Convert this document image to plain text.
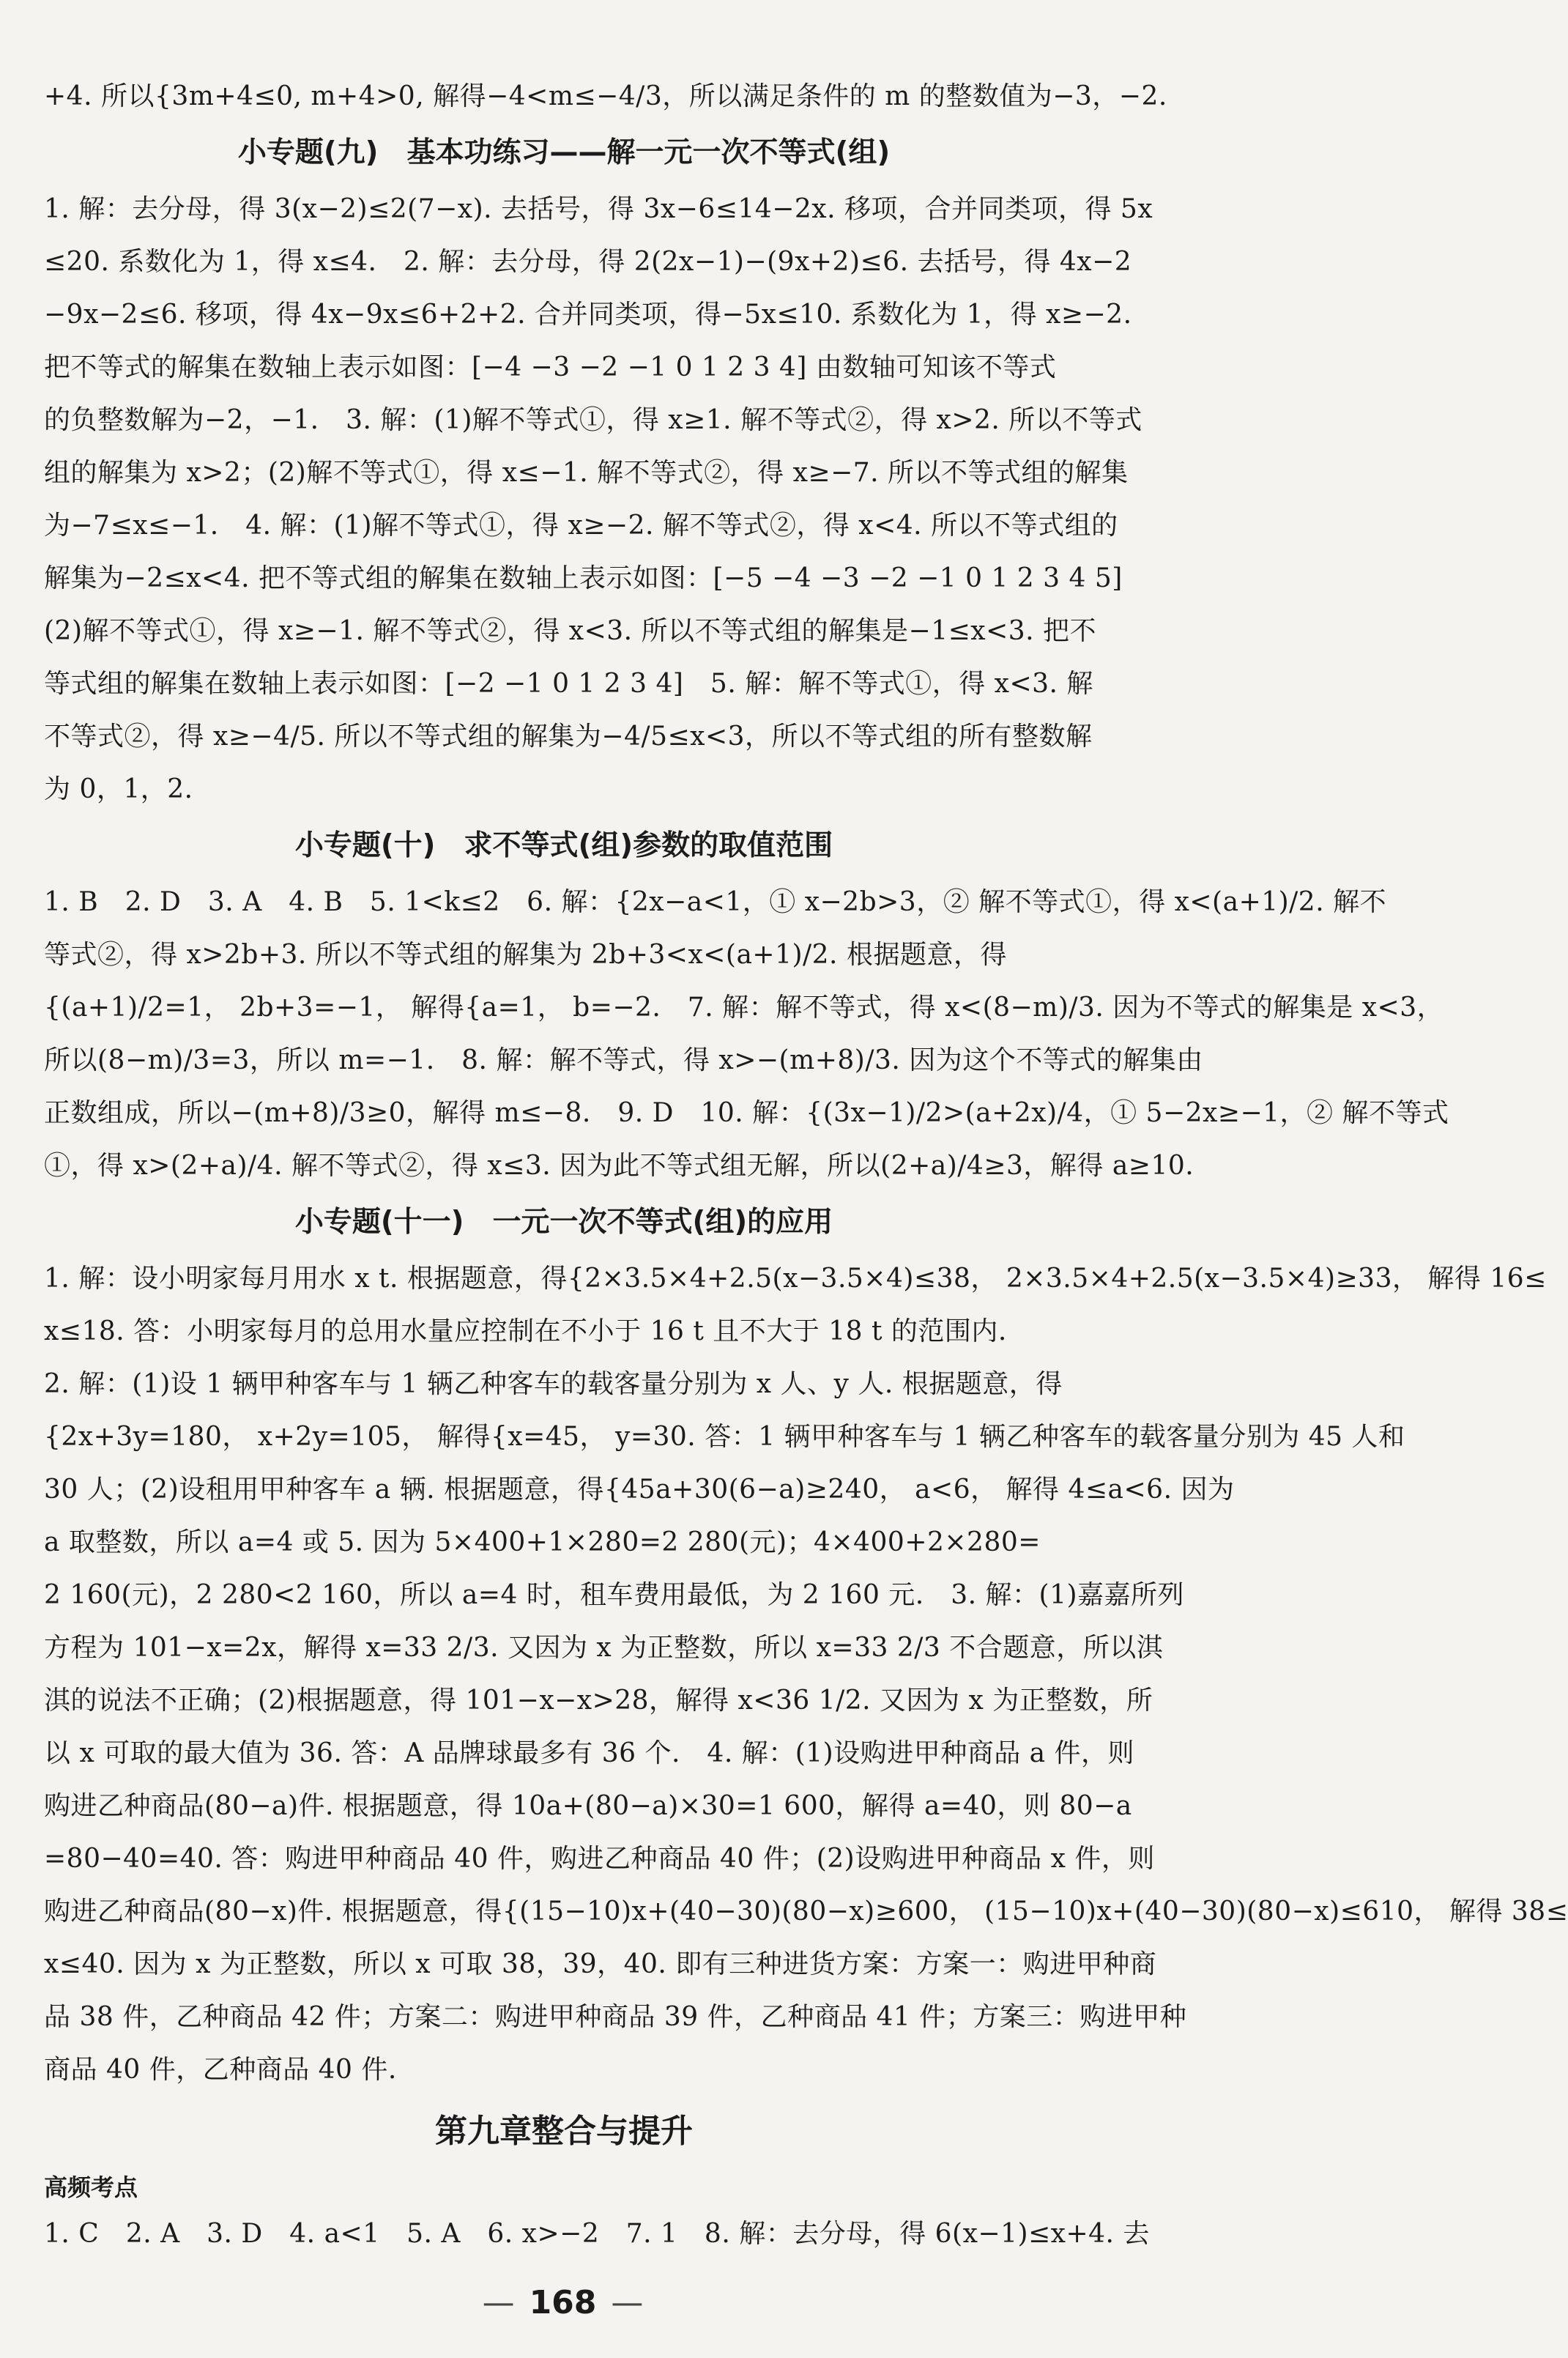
+4. 所以{3m+4≤0, m+4>0, 解得−4<m≤−4/3，所以满足条件的 m 的整数值为−3，−2.
小专题(九)　基本功练习——解一元一次不等式(组)
1. 解：去分母，得 3(x−2)≤2(7−x). 去括号，得 3x−6≤14−2x. 移项，合并同类项，得 5x
≤20. 系数化为 1，得 x≤4.　2. 解：去分母，得 2(2x−1)−(9x+2)≤6. 去括号，得 4x−2
−9x−2≤6. 移项，得 4x−9x≤6+2+2. 合并同类项，得−5x≤10. 系数化为 1，得 x≥−2.
把不等式的解集在数轴上表示如图：[−4 −3 −2 −1 0 1 2 3 4] 由数轴可知该不等式
的负整数解为−2，−1.　3. 解：(1)解不等式①，得 x≥1. 解不等式②，得 x>2. 所以不等式
组的解集为 x>2；(2)解不等式①，得 x≤−1. 解不等式②，得 x≥−7. 所以不等式组的解集
为−7≤x≤−1.　4. 解：(1)解不等式①，得 x≥−2. 解不等式②，得 x<4. 所以不等式组的
解集为−2≤x<4. 把不等式组的解集在数轴上表示如图：[−5 −4 −3 −2 −1 0 1 2 3 4 5]
(2)解不等式①，得 x≥−1. 解不等式②，得 x<3. 所以不等式组的解集是−1≤x<3. 把不
等式组的解集在数轴上表示如图：[−2 −1 0 1 2 3 4]　5. 解：解不等式①，得 x<3. 解
不等式②，得 x≥−4/5. 所以不等式组的解集为−4/5≤x<3，所以不等式组的所有整数解
为 0，1，2.
小专题(十)　求不等式(组)参数的取值范围
1. B　2. D　3. A　4. B　5. 1<k≤2　6. 解：{2x−a<1，① x−2b>3，② 解不等式①，得 x<(a+1)/2. 解不
等式②，得 x>2b+3. 所以不等式组的解集为 2b+3<x<(a+1)/2. 根据题意，得
{(a+1)/2=1， 2b+3=−1， 解得{a=1， b=−2.　7. 解：解不等式，得 x<(8−m)/3. 因为不等式的解集是 x<3，
所以(8−m)/3=3，所以 m=−1.　8. 解：解不等式，得 x>−(m+8)/3. 因为这个不等式的解集由
正数组成，所以−(m+8)/3≥0，解得 m≤−8.　9. D　10. 解：{(3x−1)/2>(a+2x)/4，① 5−2x≥−1，② 解不等式
①，得 x>(2+a)/4. 解不等式②，得 x≤3. 因为此不等式组无解，所以(2+a)/4≥3，解得 a≥10.
小专题(十一)　一元一次不等式(组)的应用
1. 解：设小明家每月用水 x t. 根据题意，得{2×3.5×4+2.5(x−3.5×4)≤38， 2×3.5×4+2.5(x−3.5×4)≥33， 解得 16≤
x≤18. 答：小明家每月的总用水量应控制在不小于 16 t 且不大于 18 t 的范围内.
2. 解：(1)设 1 辆甲种客车与 1 辆乙种客车的载客量分别为 x 人、y 人. 根据题意，得
{2x+3y=180， x+2y=105， 解得{x=45， y=30. 答：1 辆甲种客车与 1 辆乙种客车的载客量分别为 45 人和
30 人；(2)设租用甲种客车 a 辆. 根据题意，得{45a+30(6−a)≥240， a<6， 解得 4≤a<6. 因为
a 取整数，所以 a=4 或 5. 因为 5×400+1×280=2 280(元)；4×400+2×280=
2 160(元)，2 280<2 160，所以 a=4 时，租车费用最低，为 2 160 元.　3. 解：(1)嘉嘉所列
方程为 101−x=2x，解得 x=33 2/3. 又因为 x 为正整数，所以 x=33 2/3 不合题意，所以淇
淇的说法不正确；(2)根据题意，得 101−x−x>28，解得 x<36 1/2. 又因为 x 为正整数，所
以 x 可取的最大值为 36. 答：A 品牌球最多有 36 个.　4. 解：(1)设购进甲种商品 a 件，则
购进乙种商品(80−a)件. 根据题意，得 10a+(80−a)×30=1 600，解得 a=40，则 80−a
=80−40=40. 答：购进甲种商品 40 件，购进乙种商品 40 件；(2)设购进甲种商品 x 件，则
购进乙种商品(80−x)件. 根据题意，得{(15−10)x+(40−30)(80−x)≥600， (15−10)x+(40−30)(80−x)≤610， 解得 38≤
x≤40. 因为 x 为正整数，所以 x 可取 38，39，40. 即有三种进货方案：方案一：购进甲种商
品 38 件，乙种商品 42 件；方案二：购进甲种商品 39 件，乙种商品 41 件；方案三：购进甲种
商品 40 件，乙种商品 40 件.
第九章整合与提升
高频考点
1. C　2. A　3. D　4. a<1　5. A　6. x>−2　7. 1　8. 解：去分母，得 6(x−1)≤x+4. 去
— 168 —
